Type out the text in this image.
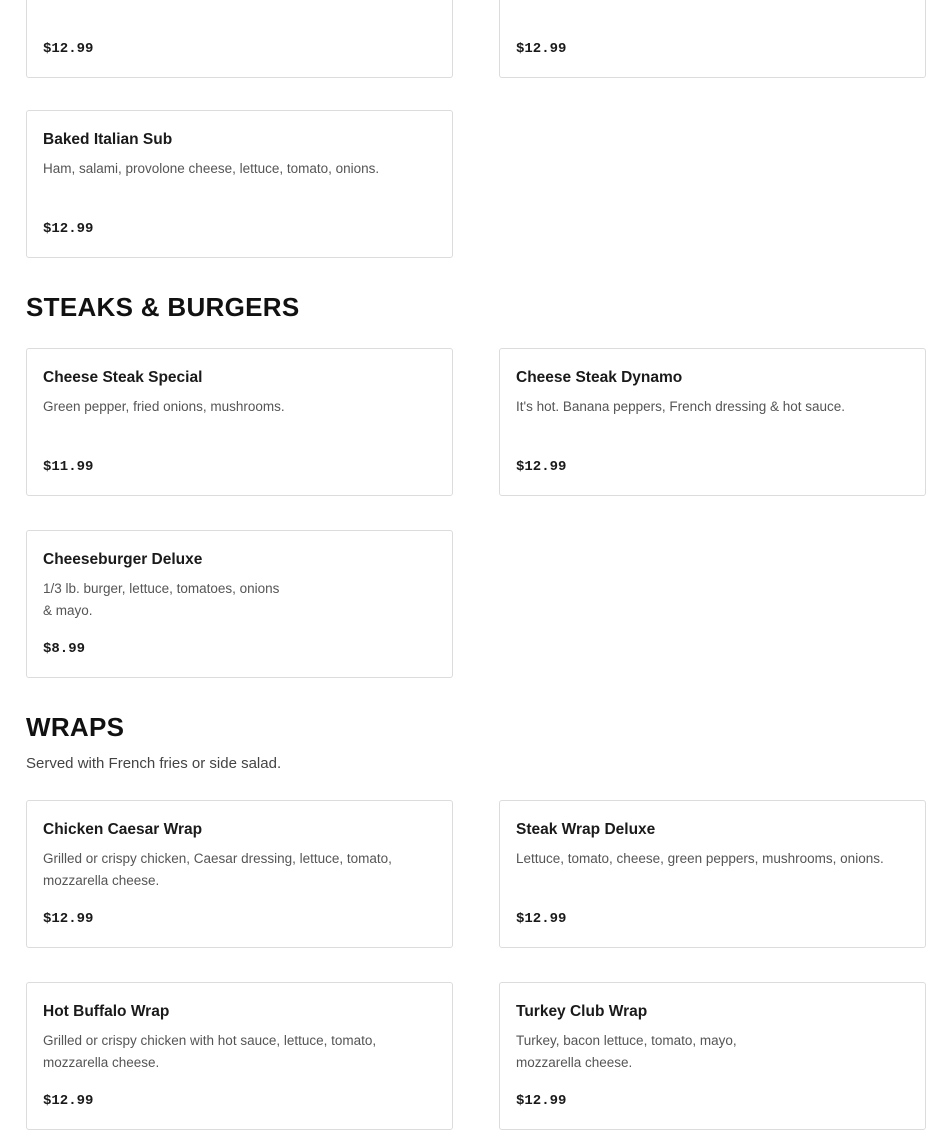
$12.99	$12.99
Baked Italian Sub
Ham, salami, provolone cheese, lettuce, tomato, onions.
$12.99
STEAKS & BURGERS
Cheese Steak Special
Green pepper, fried onions, mushrooms.
$11.99
Cheese Steak Dynamo
It's hot. Banana peppers, French dressing & hot sauce.
$12.99
Cheeseburger Deluxe
1/3 lb. burger, lettuce, tomatoes, onions
& mayo.
$8.99
WRAPS
Served with French fries or side salad.
Chicken Caesar Wrap
Grilled or crispy chicken, Caesar dressing, lettuce, tomato,
mozzarella cheese.
$12.99
Steak Wrap Deluxe
Lettuce, tomato, cheese, green peppers, mushrooms, onions.
$12.99
Hot Buffalo Wrap
Grilled or crispy chicken with hot sauce, lettuce, tomato,
mozzarella cheese.
$12.99
Turkey Club Wrap
Turkey, bacon lettuce, tomato, mayo,
mozzarella cheese.
$12.99
